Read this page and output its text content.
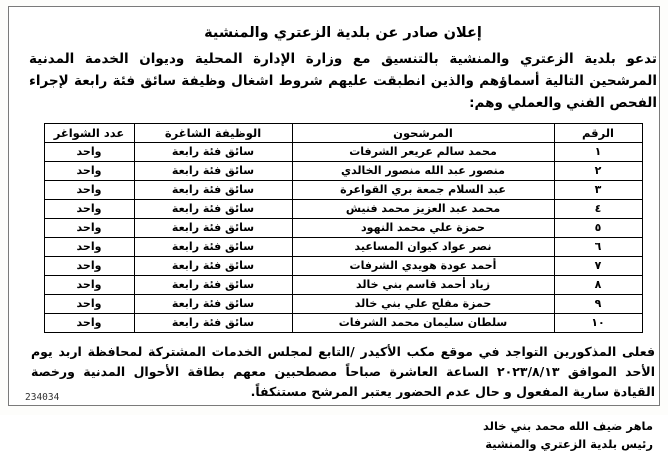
إعلان صادر عن بلدية الزعتري والمنشية
تدعو بلدية الزعتري والمنشية بالتنسيق مع وزارة الإدارة المحلية وديوان الخدمة المدنية المرشحين التالية أسماؤهم والذين انطبقت عليهم شروط اشغال وظيفة سائق فئة رابعة لإجراء الفحص الفني والعملي وهم:
الرقم	المرشحون	الوظيفة الشاغرة	عدد الشواغر
١	محمد سالم عريعر الشرفات	سائق فئة رابعة	واحد
٢	منصور عبد الله منصور الخالدي	سائق فئة رابعة	واحد
٣	عبد السلام جمعة بري القواعرة	سائق فئة رابعة	واحد
٤	محمد عبد العزيز محمد فنيش	سائق فئة رابعة	واحد
٥	حمزة علي محمد النهود	سائق فئة رابعة	واحد
٦	نصر عواد كيوان المساعيد	سائق فئة رابعة	واحد
٧	أحمد عودة هويدي الشرفات	سائق فئة رابعة	واحد
٨	زياد أحمد قاسم بني خالد	سائق فئة رابعة	واحد
٩	حمزة مفلح علي بني خالد	سائق فئة رابعة	واحد
١٠	سلطان سليمان محمد الشرفات	سائق فئة رابعة	واحد
فعلى المذكورين التواجد في موقع مكب الأكيدر /التابع لمجلس الخدمات المشتركة لمحافظة اربد يوم الأحد الموافق ٢٠٢٣/٨/١٣ الساعة العاشرة صباحاً مصطحبين معهم بطاقة الأحوال المدنية ورخصة القيادة سارية المفعول و حال عدم الحضور يعتبر المرشح مستنكفاً.
ماهر ضيف الله محمد بني خالد
رئيس بلدية الزعتري والمنشية
234034
